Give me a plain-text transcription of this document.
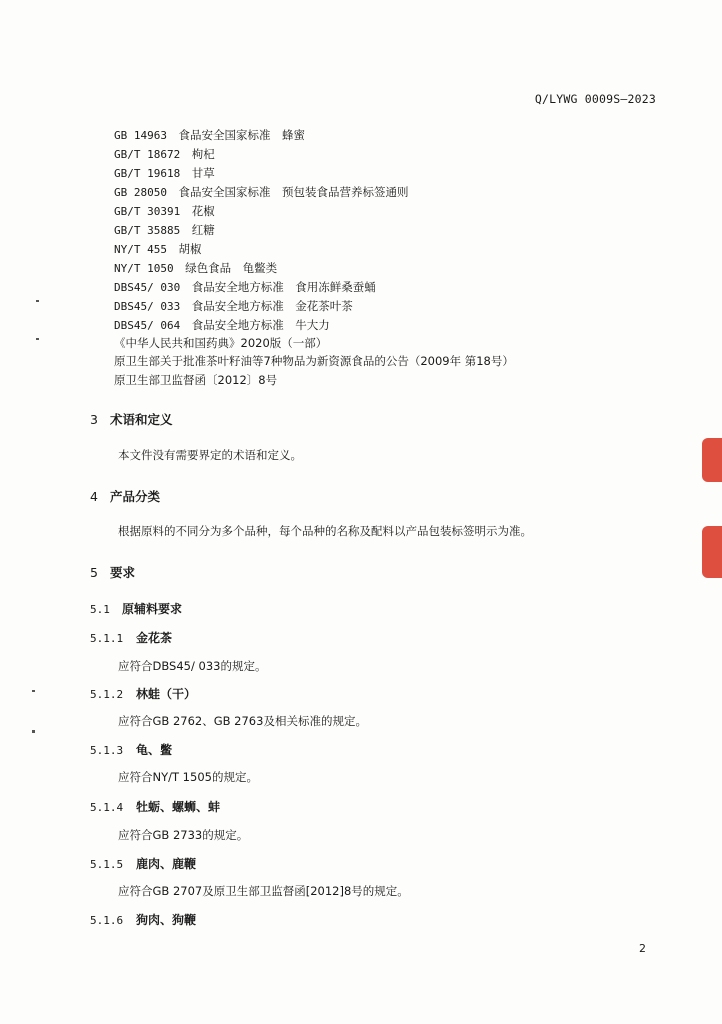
Q/LYWG 0009S—2023
GB 14963　 食品安全国家标准　蜂蜜
GB/T 18672　 枸杞
GB/T 19618　 甘草
GB 28050　 食品安全国家标准　预包装食品营养标签通则
GB/T 30391　 花椒
GB/T 35885　 红糖
NY/T 455　 胡椒
NY/T 1050　 绿色食品　龟鳖类
DBS45/ 030　 食品安全地方标准　食用冻鲜桑蚕蛹
DBS45/ 033　 食品安全地方标准　金花茶叶茶
DBS45/ 064　 食品安全地方标准　牛大力
《中华人民共和国药典》2020版（一部）
原卫生部关于批准茶叶籽油等7种物品为新资源食品的公告（2009年 第18号）
原卫生部卫监督函〔2012〕8号
3 术语和定义
本文件没有需要界定的术语和定义。
4 产品分类
根据原料的不同分为多个品种，每个品种的名称及配料以产品包装标签明示为准。
5 要求
5.1 原辅料要求
5.1.1 金花茶
应符合DBS45/ 033的规定。
5.1.2 林蛙（干）
应符合GB 2762、GB 2763及相关标准的规定。
5.1.3 龟、鳖
应符合NY/T 1505的规定。
5.1.4 牡蛎、螺蛳、蚌
应符合GB 2733的规定。
5.1.5 鹿肉、鹿鞭
应符合GB 2707及原卫生部卫监督函[2012]8号的规定。
5.1.6 狗肉、狗鞭
2
